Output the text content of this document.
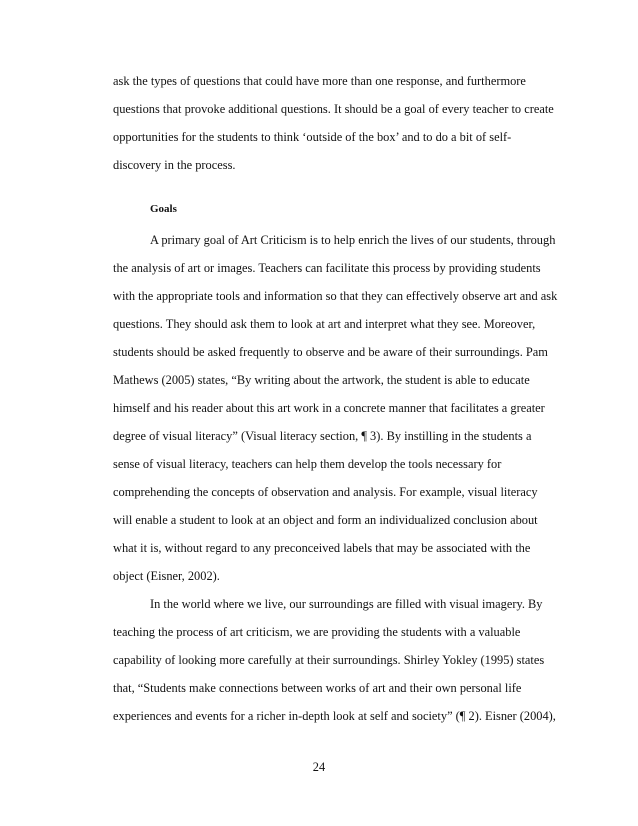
ask the types of questions that could have more than one response, and furthermore
questions that provoke additional questions. It should be a goal of every teacher to create
opportunities for the students to think ‘outside of the box’ and to do a bit of self-
discovery in the process.
Goals
A primary goal of Art Criticism is to help enrich the lives of our students, through
the analysis of art or images. Teachers can facilitate this process by providing students
with the appropriate tools and information so that they can effectively observe art and ask
questions. They should ask them to look at art and interpret what they see. Moreover,
students should be asked frequently to observe and be aware of their surroundings. Pam
Mathews (2005) states, “By writing about the artwork, the student is able to educate
himself and his reader about this art work in a concrete manner that facilitates a greater
degree of visual literacy” (Visual literacy section, ¶ 3). By instilling in the students a
sense of visual literacy, teachers can help them develop the tools necessary for
comprehending the concepts of observation and analysis. For example, visual literacy
will enable a student to look at an object and form an individualized conclusion about
what it is, without regard to any preconceived labels that may be associated with the
object (Eisner, 2002).
In the world where we live, our surroundings are filled with visual imagery. By
teaching the process of art criticism, we are providing the students with a valuable
capability of looking more carefully at their surroundings. Shirley Yokley (1995) states
that, “Students make connections between works of art and their own personal life
experiences and events for a richer in-depth look at self and society” (¶ 2). Eisner (2004),
24
